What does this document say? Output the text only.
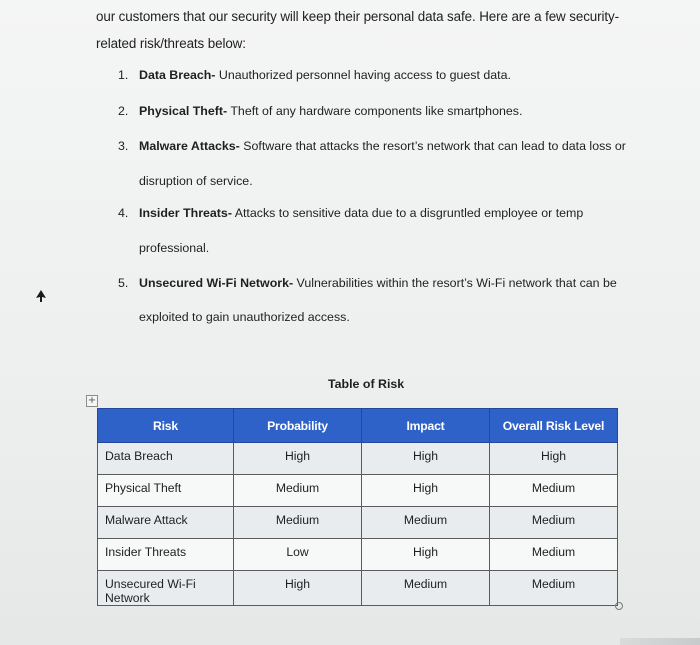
our customers that our security will keep their personal data safe. Here are a few security-
related risk/threats below:
1. Data Breach- Unauthorized personnel having access to guest data.
2. Physical Theft- Theft of any hardware components like smartphones.
3. Malware Attacks- Software that attacks the resort’s network that can lead to data loss or
disruption of service.
4. Insider Threats- Attacks to sensitive data due to a disgruntled employee or temp
professional.
5. Unsecured Wi-Fi Network- Vulnerabilities within the resort’s Wi-Fi network that can be
exploited to gain unauthorized access.
Table of Risk
+
Risk	Probability	Impact	Overall Risk Level
Data Breach	High	High	High
Physical Theft	Medium	High	Medium
Malware Attack	Medium	Medium	Medium
Insider Threats	Low	High	Medium
Unsecured Wi-Fi Network	High	Medium	Medium
